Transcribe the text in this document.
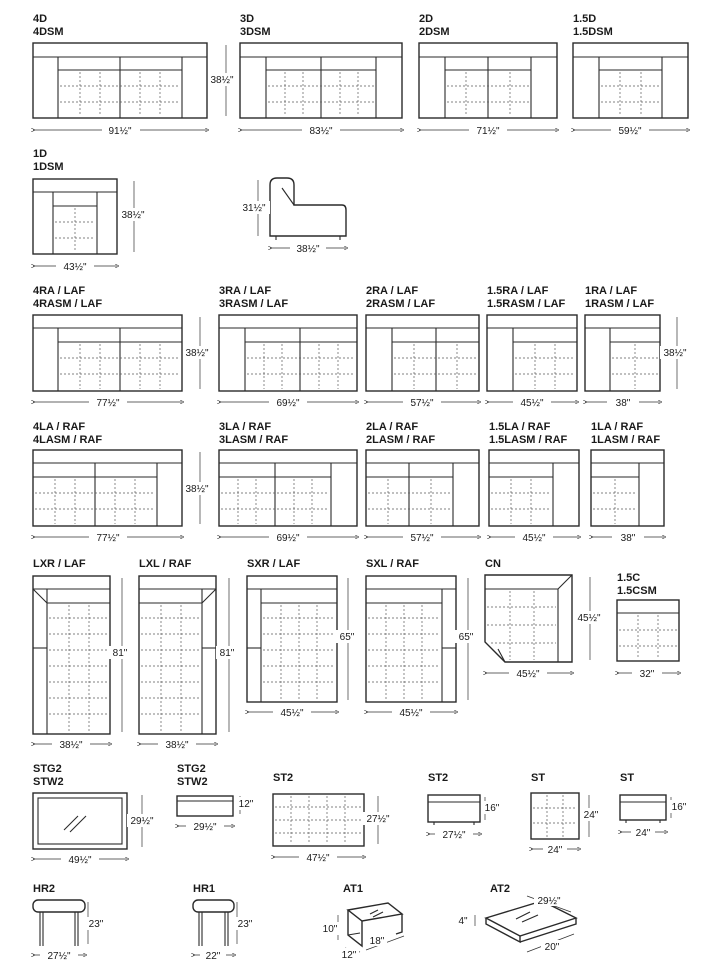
4D
4DSM
91½"
38½"
3D
3DSM
83½"
2D
2DSM
71½"
1.5D
1.5DSM
59½"
1D
1DSM
43½"
38½"
31½"
38½"
4RA / LAF
4RASM / LAF
77½"
38½"
3RA / LAF
3RASM / LAF
69½"
2RA / LAF
2RASM / LAF
57½"
1.5RA / LAF
1.5RASM / LAF
45½"
1RA / LAF
1RASM / LAF
38"
38½"
4LA / RAF
4LASM / RAF
77½"
38½"
3LA / RAF
3LASM / RAF
69½"
2LA / RAF
2LASM / RAF
57½"
1.5LA / RAF
1.5LASM / RAF
45½"
1LA / RAF
1LASM / RAF
38"
LXR / LAF
38½"
81"
LXL / RAF
38½"
81"
SXR / LAF
45½"
65"
SXL / RAF
45½"
65"
CN
45½"
45½"
1.5C
1.5CSM
32"
STG2
STW2
49½"
29½"
STG2
STW2
29½"
12"
ST2
47½"
27½"
ST2
27½"
16"
ST
24"
24"
ST
24"
16"
HR2
27½"
23"
HR1
22"
23"
AT1
10"
12"
18"
AT2
4"
29½"
20"
